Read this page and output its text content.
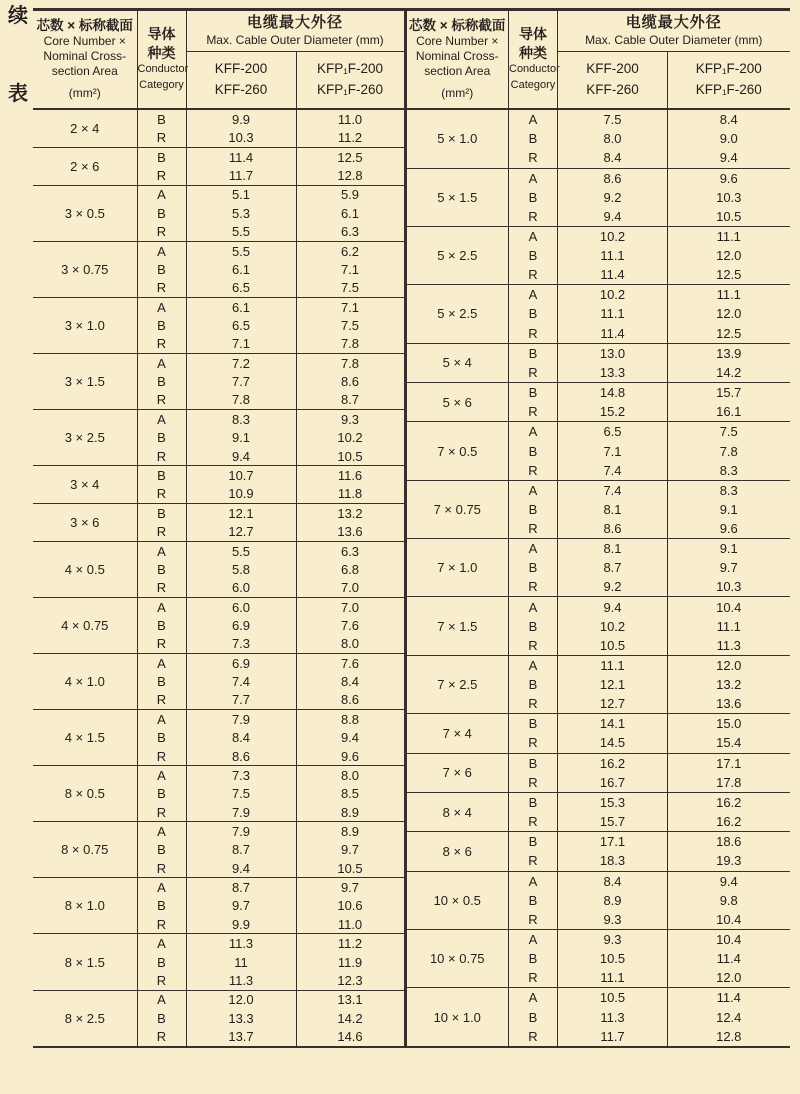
续
表
芯数 × 标称截面
Core Number ×
Nominal Cross-
section Area
(mm²)

导体种类
Conductor
Category

电缆最大外径
Max. Cable Outer Diameter (mm)

KFF-200
KFF-260

KFP₁F-200
KFP₁F-260

2 × 4	B	9.9	11.0
	R	10.3	11.2
2 × 6	B	11.4	12.5
	R	11.7	12.8
3 × 0.5	A	5.1	5.9
	B	5.3	6.1
	R	5.5	6.3
3 × 0.75	A	5.5	6.2
	B	6.1	7.1
	R	6.5	7.5
3 × 1.0	A	6.1	7.1
	B	6.5	7.5
	R	7.1	7.8
3 × 1.5	A	7.2	7.8
	B	7.7	8.6
	R	7.8	8.7
3 × 2.5	A	8.3	9.3
	B	9.1	10.2
	R	9.4	10.5
3 × 4	B	10.7	11.6
	R	10.9	11.8
3 × 6	B	12.1	13.2
	R	12.7	13.6
4 × 0.5	A	5.5	6.3
	B	5.8	6.8
	R	6.0	7.0
4 × 0.75	A	6.0	7.0
	B	6.9	7.6
	R	7.3	8.0
4 × 1.0	A	6.9	7.6
	B	7.4	8.4
	R	7.7	8.6
4 × 1.5	A	7.9	8.8
	B	8.4	9.4
	R	8.6	9.6
8 × 0.5	A	7.3	8.0
	B	7.5	8.5
	R	7.9	8.9
8 × 0.75	A	7.9	8.9
	B	8.7	9.7
	R	9.4	10.5
8 × 1.0	A	8.7	9.7
	B	9.7	10.6
	R	9.9	11.0
8 × 1.5	A	11.3	11.2
	B	11	11.9
	R	11.3	12.3
8 × 2.5	A	12.0	13.1
	B	13.3	14.2
	R	13.7	14.6
芯数 × 标称截面
Core Number ×
Nominal Cross-
section Area
(mm²)

导体种类
Conductor
Category

电缆最大外径
Max. Cable Outer Diameter (mm)

KFF-200
KFF-260

KFP₁F-200
KFP₁F-260

5 × 1.0	A	7.5	8.4
	B	8.0	9.0
	R	8.4	9.4
5 × 1.5	A	8.6	9.6
	B	9.2	10.3
	R	9.4	10.5
5 × 2.5	A	10.2	11.1
	B	11.1	12.0
	R	11.4	12.5
5 × 2.5	A	10.2	11.1
	B	11.1	12.0
	R	11.4	12.5
5 × 4	B	13.0	13.9
	R	13.3	14.2
5 × 6	B	14.8	15.7
	R	15.2	16.1
7 × 0.5	A	6.5	7.5
	B	7.1	7.8
	R	7.4	8.3
7 × 0.75	A	7.4	8.3
	B	8.1	9.1
	R	8.6	9.6
7 × 1.0	A	8.1	9.1
	B	8.7	9.7
	R	9.2	10.3
7 × 1.5	A	9.4	10.4
	B	10.2	11.1
	R	10.5	11.3
7 × 2.5	A	11.1	12.0
	B	12.1	13.2
	R	12.7	13.6
7 × 4	B	14.1	15.0
	R	14.5	15.4
7 × 6	B	16.2	17.1
	R	16.7	17.8
8 × 4	B	15.3	16.2
	R	15.7	16.2
8 × 6	B	17.1	18.6
	R	18.3	19.3
10 × 0.5	A	8.4	9.4
	B	8.9	9.8
	R	9.3	10.4
10 × 0.75	A	9.3	10.4
	B	10.5	11.4
	R	11.1	12.0
10 × 1.0	A	10.5	11.4
	B	11.3	12.4
	R	11.7	12.8
